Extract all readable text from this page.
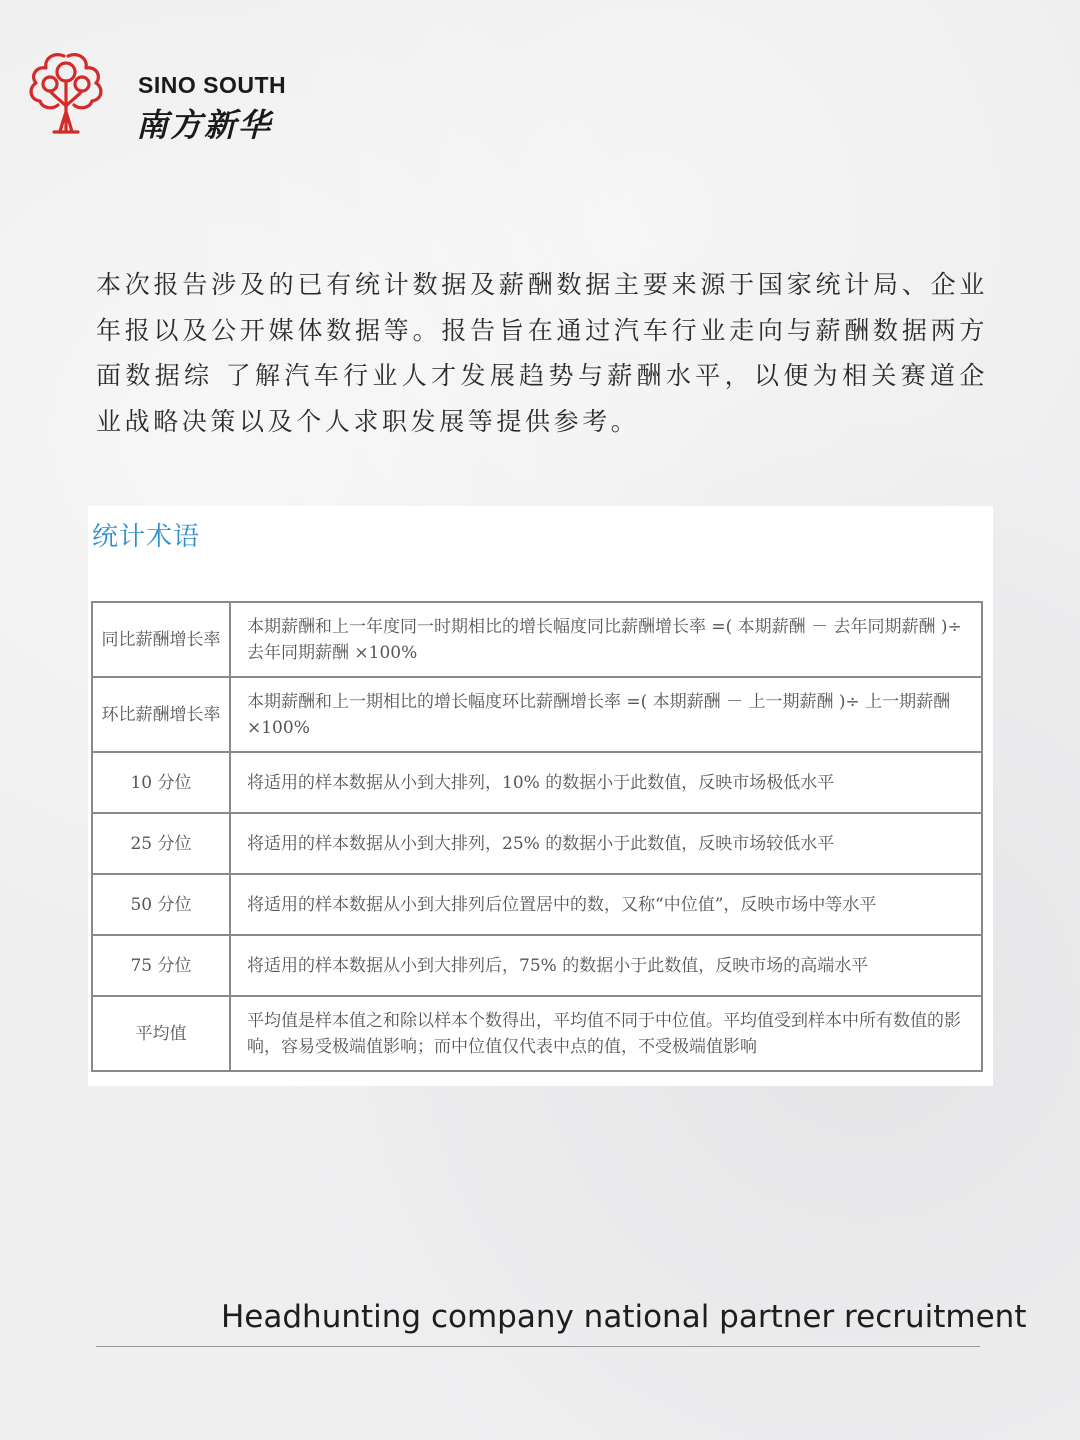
SINO SOUTH
南方新华

本次报告涉及的已有统计数据及薪酬数据主要来源于国家统计局、企业年报以及公开媒体数据等。报告旨在通过汽车行业走向与薪酬数据两方面数据综 了解汽车行业人才发展趋势与薪酬水平，以便为相关赛道企业战略决策以及个人求职发展等提供参考。

统计术语
同比薪酬增长率	本期薪酬和上一年度同一时期相比的增长幅度同比薪酬增长率 =( 本期薪酬 － 去年同期薪酬 )÷ 去年同期薪酬 ×100%
环比薪酬增长率	本期薪酬和上一期相比的增长幅度环比薪酬增长率 =( 本期薪酬 － 上一期薪酬 )÷ 上一期薪酬 ×100%
10 分位	将适用的样本数据从小到大排列，10% 的数据小于此数值，反映市场极低水平
25 分位	将适用的样本数据从小到大排列，25% 的数据小于此数值，反映市场较低水平
50 分位	将适用的样本数据从小到大排列后位置居中的数，又称“中位值”，反映市场中等水平
75 分位	将适用的样本数据从小到大排列后，75% 的数据小于此数值，反映市场的高端水平
平均值	平均值是样本值之和除以样本个数得出，平均值不同于中位值。平均值受到样本中所有数值的影响，容易受极端值影响；而中位值仅代表中点的值，不受极端值影响
Headhunting company national partner recruitment
